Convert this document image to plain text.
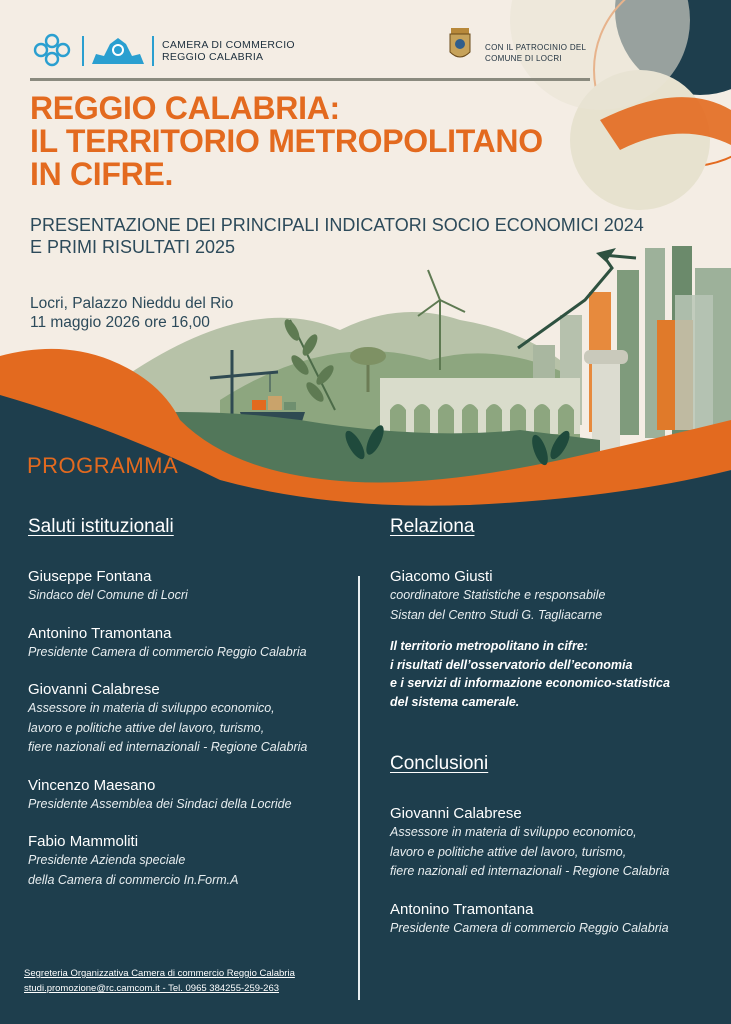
CAMERA DI COMMERCIO
REGGIO CALABRIA
CON IL PATROCINIO DEL
COMUNE DI LOCRI
REGGIO CALABRIA:
IL TERRITORIO METROPOLITANO
IN CIFRE.
PRESENTAZIONE DEI PRINCIPALI INDICATORI SOCIO ECONOMICI 2024
E PRIMI RISULTATI 2025
Locri, Palazzo Nieddu del Rio
11 maggio 2026 ore 16,00
PROGRAMMA
Saluti istituzionali
Giuseppe Fontana
Sindaco del Comune di Locri
Antonino Tramontana
Presidente Camera di commercio Reggio Calabria
Giovanni Calabrese
Assessore in materia di sviluppo economico,
lavoro e politiche attive del lavoro, turismo,
fiere nazionali ed internazionali - Regione Calabria
Vincenzo Maesano
Presidente Assemblea dei Sindaci della Locride
Fabio Mammoliti
Presidente Azienda speciale
della Camera di commercio In.Form.A
Relaziona
Giacomo Giusti
coordinatore Statistiche e responsabile
Sistan del Centro Studi G. Tagliacarne
Il territorio metropolitano in cifre:
i risultati dell’osservatorio dell’economia
e i servizi di informazione economico-statistica
del sistema camerale.
Conclusioni
Giovanni Calabrese
Assessore in materia di sviluppo economico,
lavoro e politiche attive del lavoro, turismo,
fiere nazionali ed internazionali - Regione Calabria
Antonino Tramontana
Presidente Camera di commercio Reggio Calabria
Segreteria Organizzativa Camera di commercio Reggio Calabria
studi.promozione@rc.camcom.it - Tel. 0965 384255-259-263
